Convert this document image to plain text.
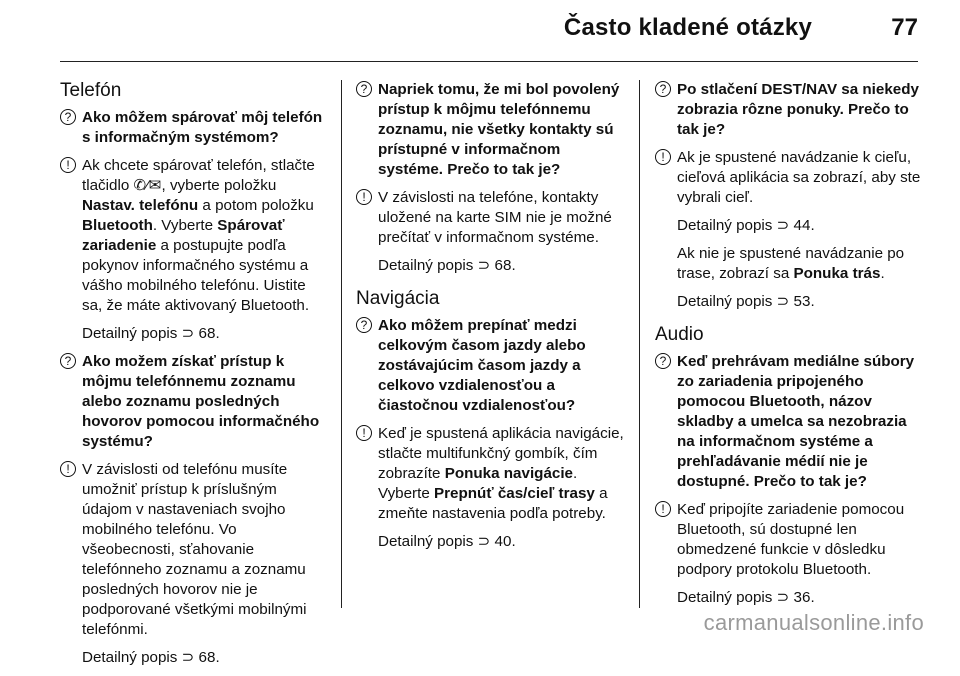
Často kladené otázky	77
Telefón
? Ako môžem spárovať môj telefón s informačným systémom?
! Ak chcete spárovať telefón, stlačte tlačidlo ✆⁄✉, vyberte položku Nastav. telefónu a potom položku Bluetooth. Vyberte Spárovať zariadenie a postupujte podľa pokynov informačného systému a vášho mobilného telefónu. Uistite sa, že máte aktivovaný Bluetooth.
Detailný popis ⊃ 68.
? Ako možem získať prístup k môjmu telefónnemu zoznamu alebo zoznamu posledných hovorov pomocou informačného systému?
! V závislosti od telefónu musíte umožniť prístup k príslušným údajom v nastaveniach svojho mobilného telefónu. Vo všeobecnosti, sťahovanie telefónneho zoznamu a zoznamu posledných hovorov nie je podporované všetkými mobilnými telefónmi.
Detailný popis ⊃ 68.
? Napriek tomu, že mi bol povolený prístup k môjmu telefónnemu zoznamu, nie všetky kontakty sú prístupné v informačnom systéme. Prečo to tak je?
! V závislosti na telefóne, kontakty uložené na karte SIM nie je možné prečítať v informačnom systéme.
Detailný popis ⊃ 68.
Navigácia
? Ako môžem prepínať medzi celkovým časom jazdy alebo zostávajúcim časom jazdy a celkovo vzdialenosťou a čiastočnou vzdialenosťou?
! Keď je spustená aplikácia navigácie, stlačte multifunkčný gombík, čím zobrazíte Ponuka navigácie. Vyberte Prepnúť čas/cieľ trasy a zmeňte nastavenia podľa potreby.
Detailný popis ⊃ 40.
? Po stlačení DEST/NAV sa niekedy zobrazia rôzne ponuky. Prečo to tak je?
! Ak je spustené navádzanie k cieľu, cieľová aplikácia sa zobrazí, aby ste vybrali cieľ.
Detailný popis ⊃ 44.
Ak nie je spustené navádzanie po trase, zobrazí sa Ponuka trás.
Detailný popis ⊃ 53.
Audio
? Keď prehrávam mediálne súbory zo zariadenia pripojeného pomocou Bluetooth, názov skladby a umelca sa nezobrazia na informačnom systéme a prehľadávanie médií nie je dostupné. Prečo to tak je?
! Keď pripojíte zariadenie pomocou Bluetooth, sú dostupné len obmedzené funkcie v dôsledku podpory protokolu Bluetooth.
Detailný popis ⊃ 36.
carmanualsonline.info
